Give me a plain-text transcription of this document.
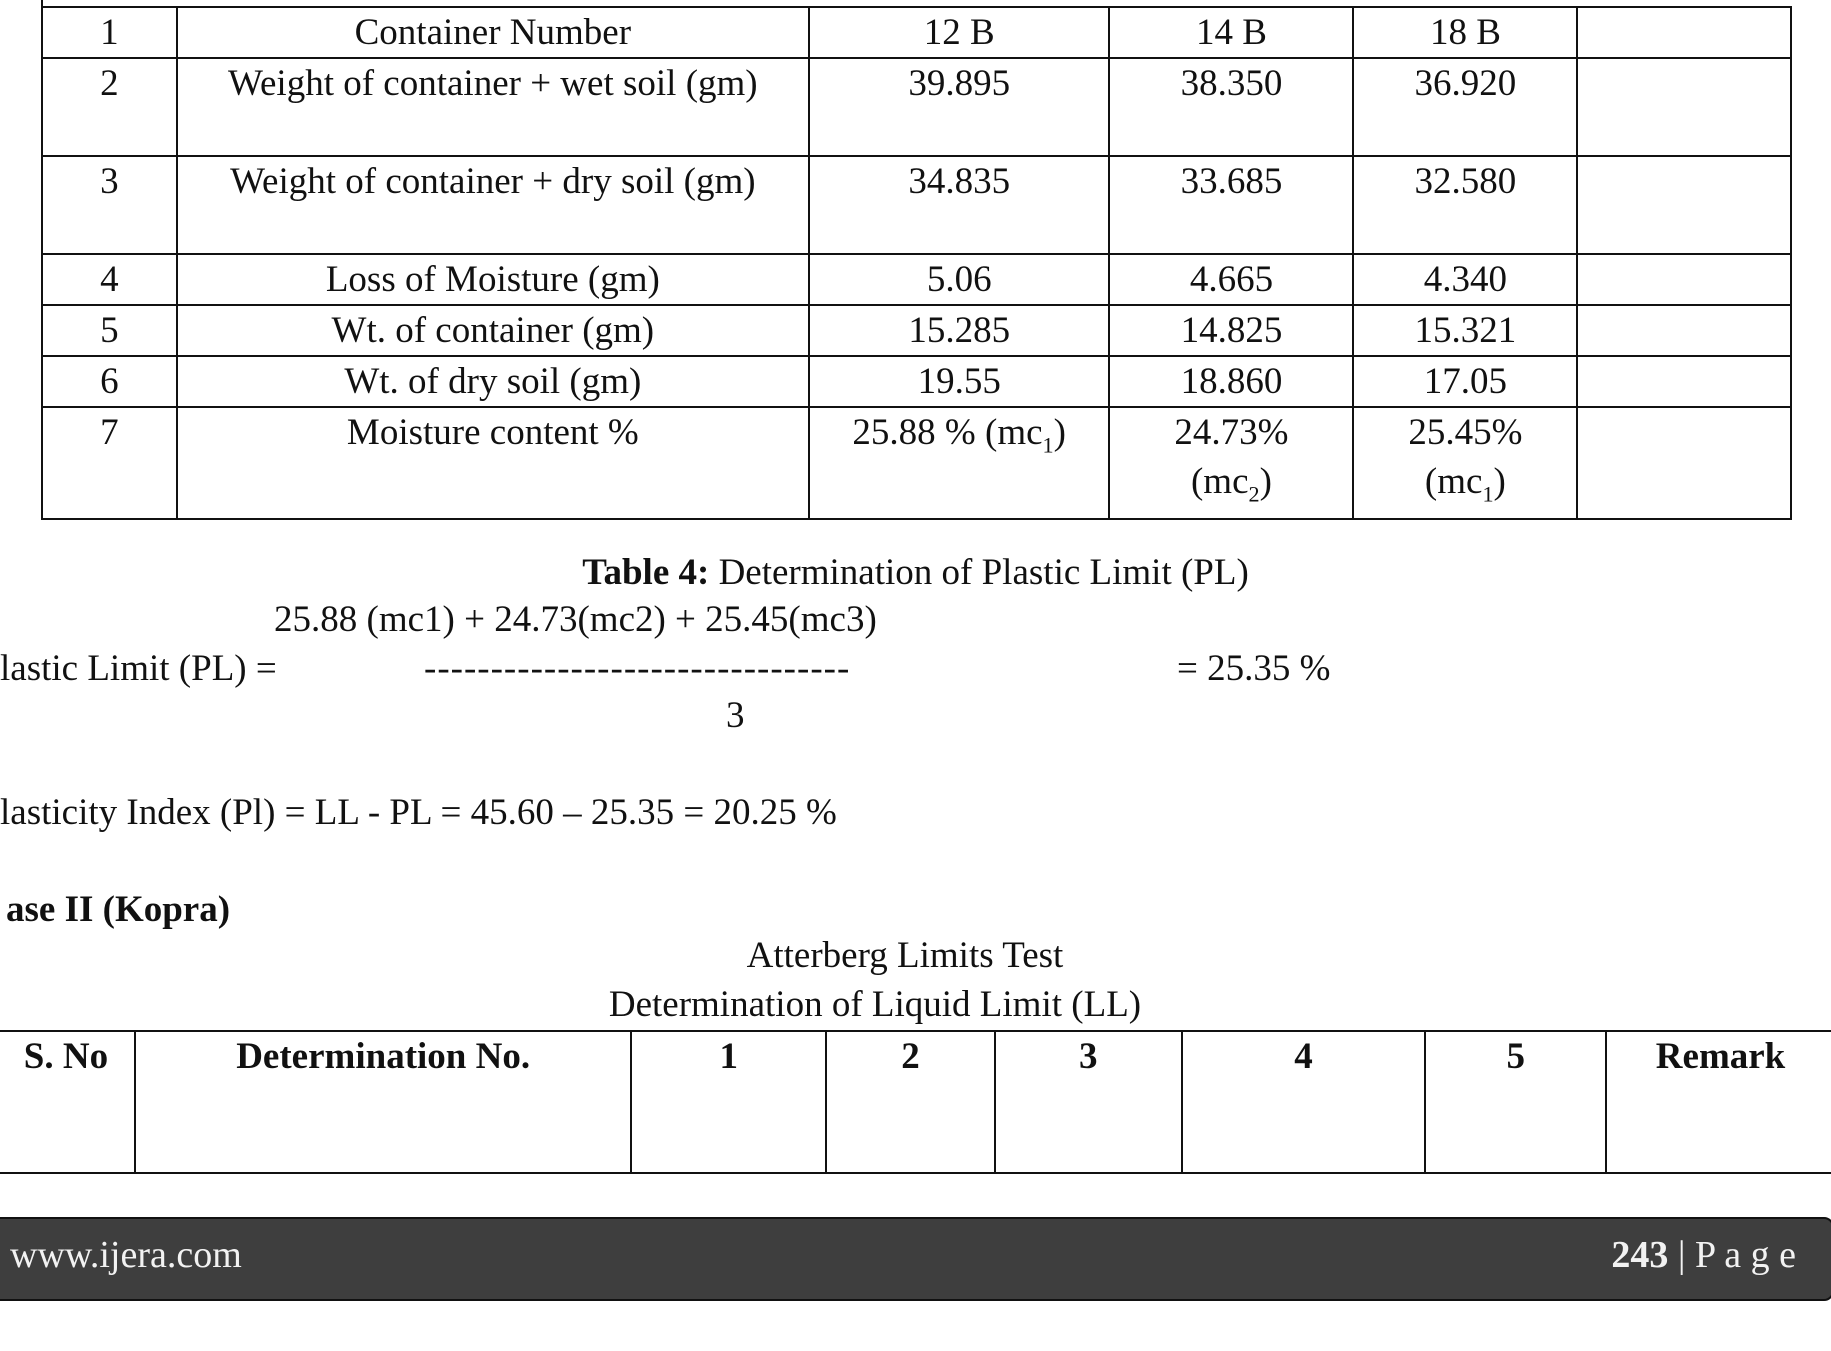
1	Container Number	12 B	14 B	18 B	
2	Weight of container + wet soil (gm)	39.895	38.350	36.920	
3	Weight of container + dry soil (gm)	34.835	33.685	32.580	
4	Loss of Moisture (gm)	5.06	4.665	4.340	
5	Wt. of container (gm)	15.285	14.825	15.321	
6	Wt. of dry soil (gm)	19.55	18.860	17.05	
7	Moisture content %	25.88 % $(mc_1)$	24.73% $(mc_2)$	25.45% $(mc_1)$	
Table 4: Determination of Plastic Limit (PL)
25.88 (mc1) + 24.73(mc2) + 25.45(mc3)
lastic Limit (PL) =	--------------------------------	= 25.35 %
3
lasticity Index (Pl) = LL - PL = 45.60 – 25.35 = 20.25 %
ase II (Kopra)
Atterberg Limits Test
Determination of Liquid Limit (LL)
S. No	Determination No.	1	2	3	4	5	Remark
www.ijera.com	243 | P a g e
